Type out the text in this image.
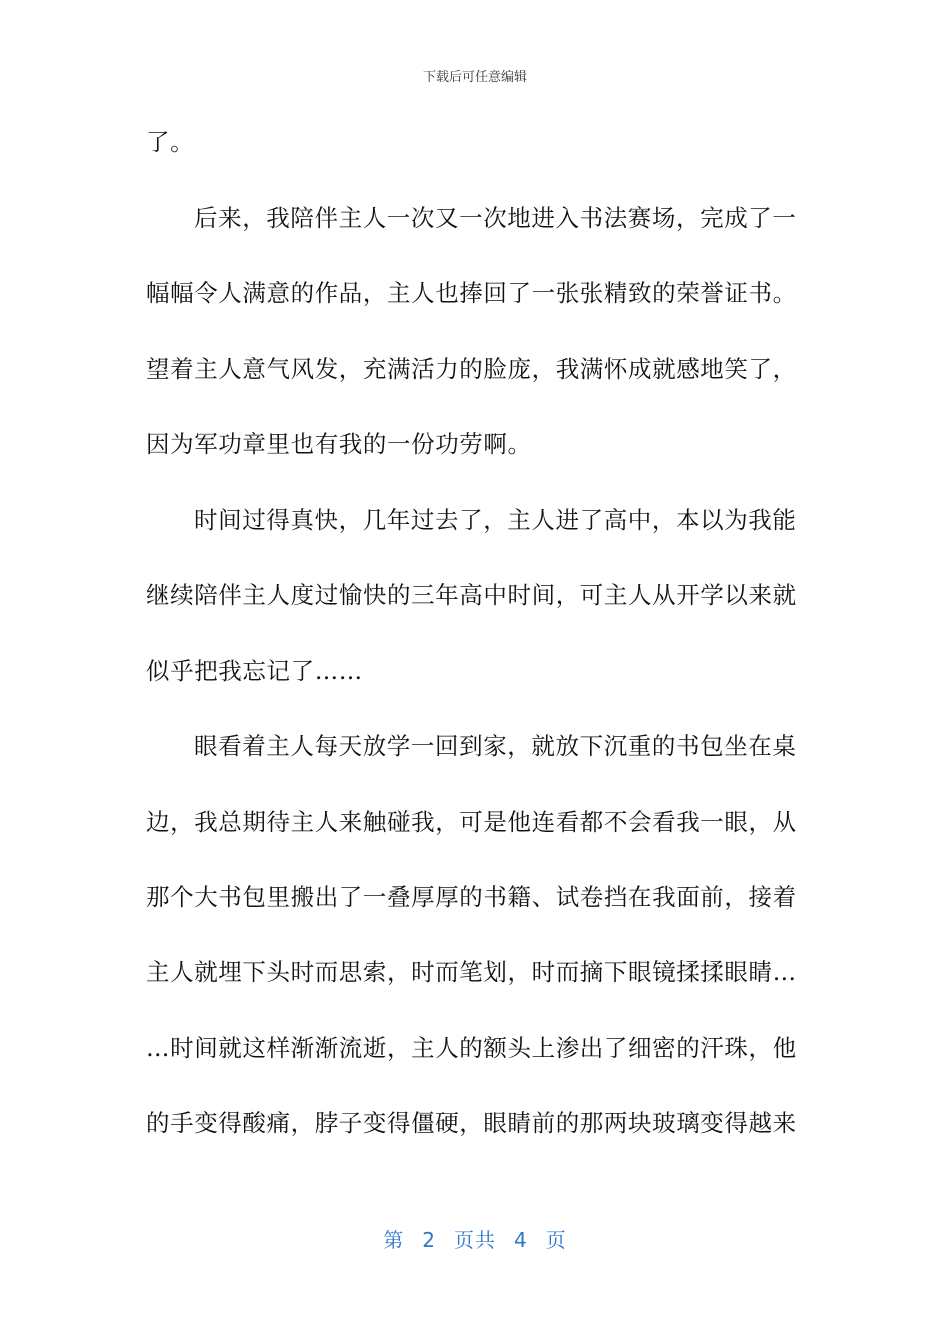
下载后可任意编辑
了。
后来，我陪伴主人一次又一次地进入书法赛场，完成了一
幅幅令人满意的作品，主人也捧回了一张张精致的荣誉证书。
望着主人意气风发，充满活力的脸庞，我满怀成就感地笑了，
因为军功章里也有我的一份功劳啊。
时间过得真快，几年过去了，主人进了高中，本以为我能
继续陪伴主人度过愉快的三年高中时间，可主人从开学以来就
似乎把我忘记了……
眼看着主人每天放学一回到家，就放下沉重的书包坐在桌
边，我总期待主人来触碰我，可是他连看都不会看我一眼，从
那个大书包里搬出了一叠厚厚的书籍、试卷挡在我面前，接着
主人就埋下头时而思索，时而笔划，时而摘下眼镜揉揉眼睛…
…时间就这样渐渐流逝，主人的额头上渗出了细密的汗珠，他
的手变得酸痛，脖子变得僵硬，眼睛前的那两块玻璃变得越来
第 2 页共 4 页
